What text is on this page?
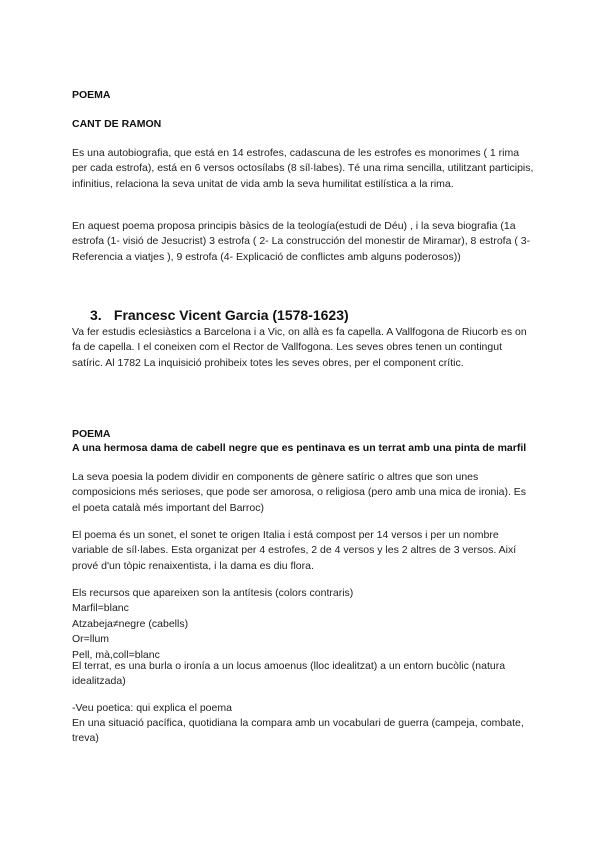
POEMA

CANT DE RAMON

Es una autobiografia, que está en 14 estrofes, cadascuna de les estrofes es monorimes ( 1 rima per cada estrofa), está en 6 versos octosílabs (8 síl·labes). Té una rima sencilla, utilitzant participis, infinitius, relaciona la seva unitat de vida amb la seva humilitat estilística a la rima.

En aquest poema proposa principis bàsics de la teología(estudi de Déu) , i la seva biografia (1a estrofa (1- visió de Jesucrist) 3 estrofa ( 2- La construcción del monestir de Miramar), 8 estrofa ( 3- Referencia a viatjes ), 9 estrofa (4- Explicació de conflictes amb alguns poderosos))

3. Francesc Vicent Garcia (1578-1623)

Va fer estudis eclesiàstics a Barcelona i a Vic, on allà es fa capella. A Vallfogona de Riucorb es on fa de capella. I el coneixen com el Rector de Vallfogona. Les seves obres tenen un contingut satíric. Al 1782 La inquisició prohibeix totes les seves obres, per el component crític.

POEMA

A una hermosa dama de cabell negre que es pentinava es un terrat amb una pinta de marfil

La seva poesia la podem dividir en components de gènere satíric o altres que son unes composicions més serioses, que pode ser amorosa, o religiosa (pero amb una mica de ironia). Es el poeta català més important del Barroc)

El poema és un sonet, el sonet te origen Italia i está compost per 14 versos i per un nombre variable de síl·labes. Esta organizat per 4 estrofes, 2 de 4 versos y les 2 altres de 3 versos. Així prové d'un tòpic renaixentista, i la dama es diu flora.

Els recursos que apareixen son la antítesis (colors contraris)
Marfil=blanc
Atzabeja≠negre (cabells)
Or=llum
Pell, mà,coll=blanc

El terrat, es una burla o ironía a un locus amoenus (lloc idealitzat) a un entorn bucòlic (natura idealitzada)

-Veu poetica: qui explica el poema

En una situació pacífica, quotidiana la compara amb un vocabulari de guerra (campeja, combate, treva)
